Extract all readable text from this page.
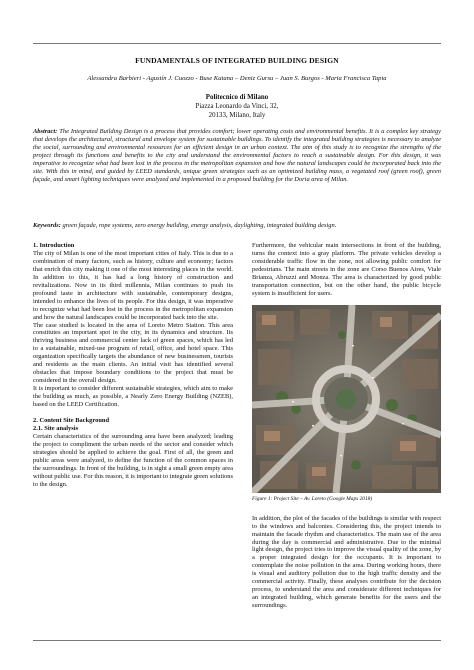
FUNDAMENTALS OF INTEGRATED BUILDING DESIGN
Alessandra Barbieri - Agustín J. Cuozzo - Buse Katana – Deniz Gursu – Juan S. Burgos - Maria Francisca Tapia
Politecnico di Milano
Piazza Leonardo da Vinci, 32,
20133, Milano, Italy
Abstract: The Integrated Building Design is a process that provides comfort; lower operating costs and environmental benefits. It is a complex key strategy that develops the architectural, structural and envelope system for sustainable buildings. To identify the integrated building strategies is necessary to analyze the social, surrounding and environmental resources for an efficient design in an urban context. The aim of this study is to recognize the strengths of the project through its functions and benefits to the city and understand the environmental factors to reach a sustainable design. For this design, it was imperative to recognize what had been lost in the process in the metropolitan expansion and how the natural landscapes could be incorporated back into the site. With this in mind, and guided by LEED standards, unique green strategies such as an optimized building mass, a vegetated roof (green roof), green façade, and smart lighting techniques were analyzed and implemented in a proposed building for the Doria area of Milan.
Keywords: green façade, rope systems, zero energy building, energy analysis, daylighting, integrated building design.

1. Introduction

The city of Milan is one of the most important cities of Italy. This is due to a combination of many factors, such as history, culture and economy; factors that enrich this city making it one of the most interesting places in the world. In addition to this, it has had a long history of construction and revitalizations. Now in its third millennia, Milan continues to push its profound taste in architecture with sustainable, contemporary designs, intended to enhance the lives of its people. For this design, it was imperative to recognize what had been lost in the process in the metropolitan expansion and how the natural landscapes could be incorporated back into the site.

The case studied is located in the area of Loreto Metro Station. This area constitutes an important spot in the city, in its dynamics and structure. Its thriving business and commercial center lack of green spaces, which has led to a sustainable, mixed-use program of retail, office, and hotel space. This organization specifically targets the abundance of new businessmen, tourists and residents as the main clients. An initial visit has identified several obstacles that impose boundary conditions to the project that must be considered in the overall design.

It is important to consider different sustainable strategies, which aim to make the building as much, as possible, a Nearly Zero Energy Building (NZEB), based on the LEED Certification.

2. Content Site Background

2.1. Site analysis

Certain characteristics of the surrounding area have been analyzed; leading the project to compliment the urban needs of the sector and consider which strategies should be applied to achieve the goal. First of all, the green and public areas were analyzed, to define the function of the common spaces in the surroundings. In front of the building, is in sight a small green empty area without public use. For this reason, it is important to integrate green solutions to the design.

Furthermore, the vehicular main intersections in front of the building, turns the context into a gray platform. The private vehicles develop a considerable traffic flow in the zone, not allowing public comfort for pedestrians. The main streets in the zone are Corso Buenos Aires, Viale Brianza, Abruzzi and Monza. The area is characterized by good public transportation connection, but on the other hand, the public bicycle system is insufficient for users.

Figure 1: Project Site – Av. Loreto (Google Maps 2018)

In addition, the plot of the facades of the buildings is similar with respect to the windows and balconies. Considering this, the project intends to maintain the facade rhythm and characteristics. The main use of the area during the day is commercial and administrative. Due to the minimal light design, the project tries to improve the visual quality of the zone, by a proper integrated design for the occupants. It is important to contemplate the noise pollution in the area. During working hours, there is visual and auditory pollution due to the high traffic density and the commercial activity. Finally, these analyses contribute for the decision process, to understand the area and considerate different techniques for an integrated building, which generate benefits for the users and the surroundings.
